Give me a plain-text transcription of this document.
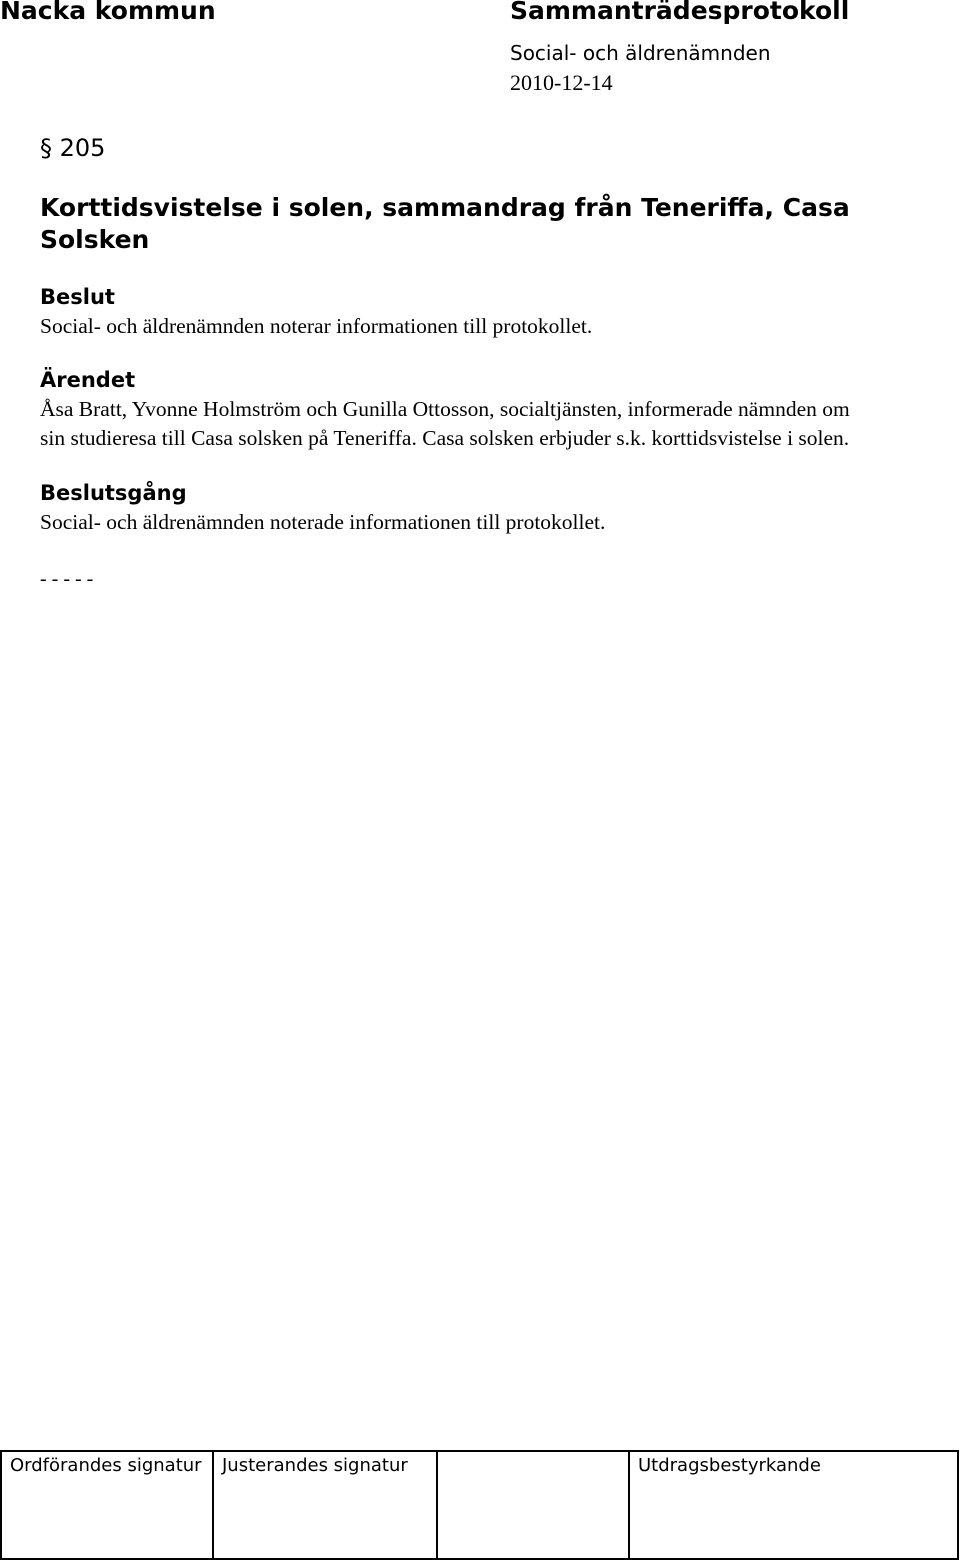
Nacka kommun	Sammanträdesprotokoll
Social- och äldrenämnden
2010-12-14
§ 205
Korttidsvistelse i solen, sammandrag från Teneriffa, Casa Solsken
Beslut
Social- och äldrenämnden noterar informationen till protokollet.
Ärendet
Åsa Bratt, Yvonne Holmström och Gunilla Ottosson, socialtjänsten, informerade nämnden om
sin studieresa till Casa solsken på Teneriffa. Casa solsken erbjuder s.k. korttidsvistelse i solen.
Beslutsgång
Social- och äldrenämnden noterade informationen till protokollet.
- - - - -
Ordförandes signatur	Justerandes signatur		Utdragsbestyrkande
